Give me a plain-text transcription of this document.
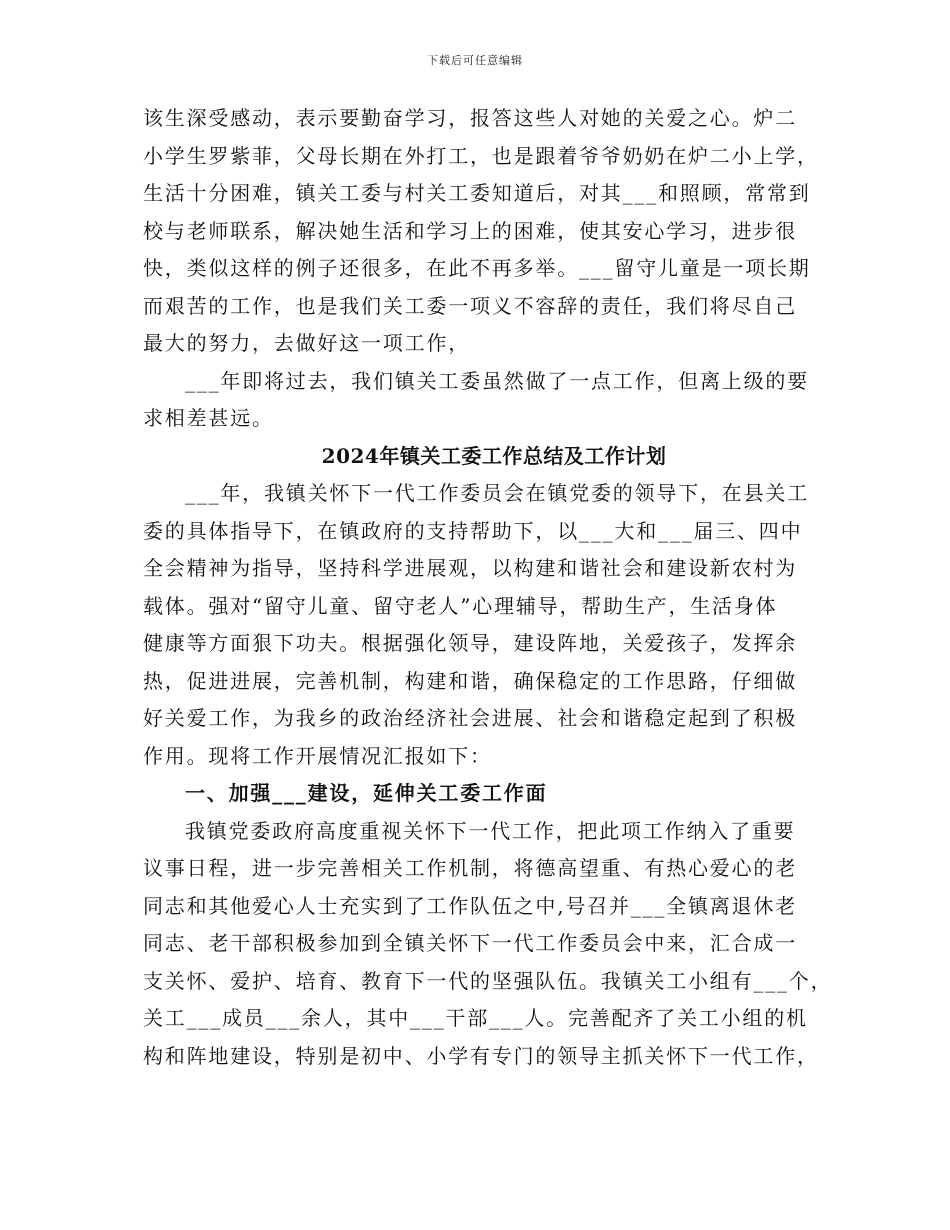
下载后可任意编辑
该生深受感动，表示要勤奋学习，报答这些人对她的关爱之心。炉二
小学生罗紫菲，父母长期在外打工，也是跟着爷爷奶奶在炉二小上学，
生活十分困难，镇关工委与村关工委知道后，对其___和照顾，常常到
校与老师联系，解决她生活和学习上的困难，使其安心学习，进步很
快，类似这样的例子还很多，在此不再多举。___留守儿童是一项长期
而艰苦的工作，也是我们关工委一项义不容辞的责任，我们将尽自己
最大的努力，去做好这一项工作，
___年即将过去，我们镇关工委虽然做了一点工作，但离上级的要
求相差甚远。
2024年镇关工委工作总结及工作计划
___年，我镇关怀下一代工作委员会在镇党委的领导下，在县关工
委的具体指导下，在镇政府的支持帮助下，以___大和___届三、四中
全会精神为指导，坚持科学进展观，以构建和谐社会和建设新农村为
载体。强对“留守儿童、留守老人”心理辅导，帮助生产，生活身体
健康等方面狠下功夫。根据强化领导，建设阵地，关爱孩子，发挥余
热，促进进展，完善机制，构建和谐，确保稳定的工作思路，仔细做
好关爱工作，为我乡的政治经济社会进展、社会和谐稳定起到了积极
作用。现将工作开展情况汇报如下：
一、加强___建设，延伸关工委工作面
我镇党委政府高度重视关怀下一代工作，把此项工作纳入了重要
议事日程，进一步完善相关工作机制，将德高望重、有热心爱心的老
同志和其他爱心人士充实到了工作队伍之中,号召并___全镇离退休老
同志、老干部积极参加到全镇关怀下一代工作委员会中来，汇合成一
支关怀、爱护、培育、教育下一代的坚强队伍。我镇关工小组有___个，
关工___成员___余人，其中___干部___人。完善配齐了关工小组的机
构和阵地建设，特别是初中、小学有专门的领导主抓关怀下一代工作，
